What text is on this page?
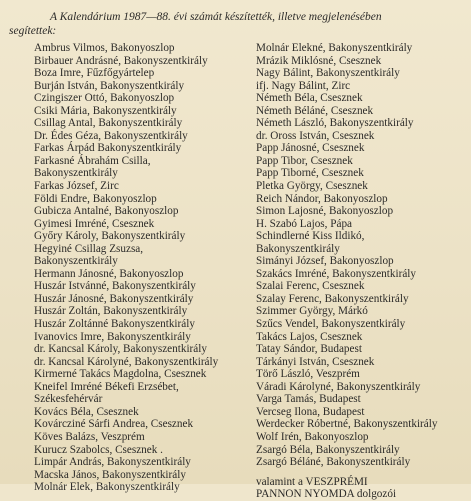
A Kalendárium 1987—88. évi számát készítették, illetve megjelenésében
segítettek:

Ambrus Vilmos, Bakonyoszlop
Birbauer Andrásné, Bakonyszentkirály
Boza Imre, Fűzfőgyártelep
Burján István, Bakonyszentkirály
Czingiszer Ottó, Bakonyoszlop
Csiki Mária, Bakonyszentkirály
Csillag Antal, Bakonyszentkirály
Dr. Édes Géza, Bakonyszentkirály
Farkas Árpád Bakonyszentkirály
Farkasné Ábrahám Csilla,
Bakonyszentkirály
Farkas József, Zirc
Földi Endre, Bakonyoszlop
Gubicza Antalné, Bakonyoszlop
Gyimesi Imréné, Csesznek
Győry Károly, Bakonyszentkirály
Hegyiné Csillag Zsuzsa,
Bakonyszentkirály
Hermann Jánosné, Bakonyoszlop
Huszár Istvánné, Bakonyszentkirály
Huszár Jánosné, Bakonyszentkirály
Huszár Zoltán, Bakonyszentkirály
Huszár Zoltánné Bakonyszentkirály
Ivanovics Imre, Bakonyszentkirály
dr. Kancsal Károly, Bakonyszentkirály
dr. Kancsal Károlyné, Bakonyszentkirály
Kirmerné Takács Magdolna, Csesznek
Kneifel Imréné Békefi Erzsébet,
Székesfehérvár
Kovács Béla, Csesznek
Kovárcziné Sárfi Andrea, Csesznek
Köves Balázs, Veszprém
Kurucz Szabolcs, Csesznek .
Limpár András, Bakonyszentkirály
Macska János, Bakonyszentkirály
Molnár Elek, Bakonyszentkirály
Molnár Elekné, Bakonyszentkirály
Mrázik Miklósné, Csesznek
Nagy Bálint, Bakonyszentkirály
ifj. Nagy Bálint, Zirc
Németh Béla, Csesznek
Németh Béláné, Csesznek
Németh László, Bakonyszentkirály
dr. Oross István, Csesznek
Papp Jánosné, Csesznek
Papp Tibor, Csesznek
Papp Tiborné, Csesznek
Pletka György, Csesznek
Reich Nándor, Bakonyoszlop
Simon Lajosné, Bakonyoszlop
H. Szabó Lajos, Pápa
Schindlerné Kiss Ildikó,
Bakonyszentkirály
Simányi József, Bakonyoszlop
Szakács Imréné, Bakonyszentkirály
Szalai Ferenc, Csesznek
Szalay Ferenc, Bakonyszentkirály
Szimmer György, Márkó
Szűcs Vendel, Bakonyszentkirály
Takács Lajos, Csesznek
Tatay Sándor, Budapest
Tárkányi István, Csesznek
Törő László, Veszprém
Váradi Károlyné, Bakonyszentkirály
Varga Tamás, Budapest
Vercseg Ilona, Budapest
Werdecker Róbertné, Bakonyszentkirály
Wolf Irén, Bakonyoszlop
Zsargó Béla, Bakonyszentkirály
Zsargó Béláné, Bakonyszentkirály
valamint a VESZPRÉMI
PANNON NYOMDA dolgozói
